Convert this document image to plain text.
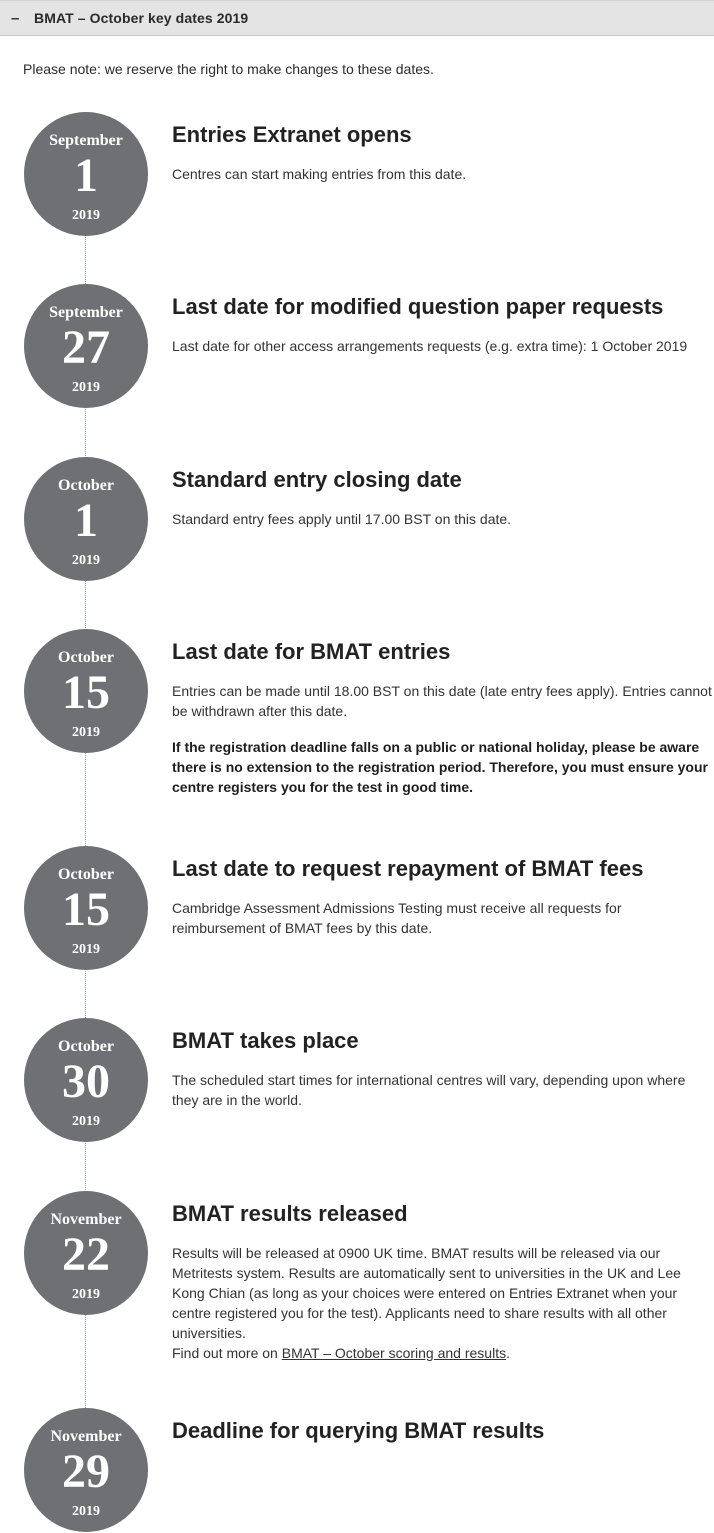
–	BMAT – October key dates 2019
Please note: we reserve the right to make changes to these dates.
September
1
2019
Entries Extranet opens

Centres can start making entries from this date.

September
27
2019
Last date for modified question paper requests

Last date for other access arrangements requests (e.g. extra time): 1 October 2019

October
1
2019
Standard entry closing date

Standard entry fees apply until 17.00 BST on this date.

October
15
2019
Last date for BMAT entries

Entries can be made until 18.00 BST on this date (late entry fees apply). Entries cannot be withdrawn after this date.

If the registration deadline falls on a public or national holiday, please be aware there is no extension to the registration period. Therefore, you must ensure your centre registers you for the test in good time.

October
15
2019
Last date to request repayment of BMAT fees

Cambridge Assessment Admissions Testing must receive all requests for reimbursement of BMAT fees by this date.

October
30
2019
BMAT takes place

The scheduled start times for international centres will vary, depending upon where they are in the world.

November
22
2019
BMAT results released

Results will be released at 0900 UK time. BMAT results will be released via our Metritests system. Results are automatically sent to universities in the UK and Lee Kong Chian (as long as your choices were entered on Entries Extranet when your centre registered you for the test). Applicants need to share results with all other universities.

Find out more on BMAT – October scoring and results.

November
29
2019
Deadline for querying BMAT results
